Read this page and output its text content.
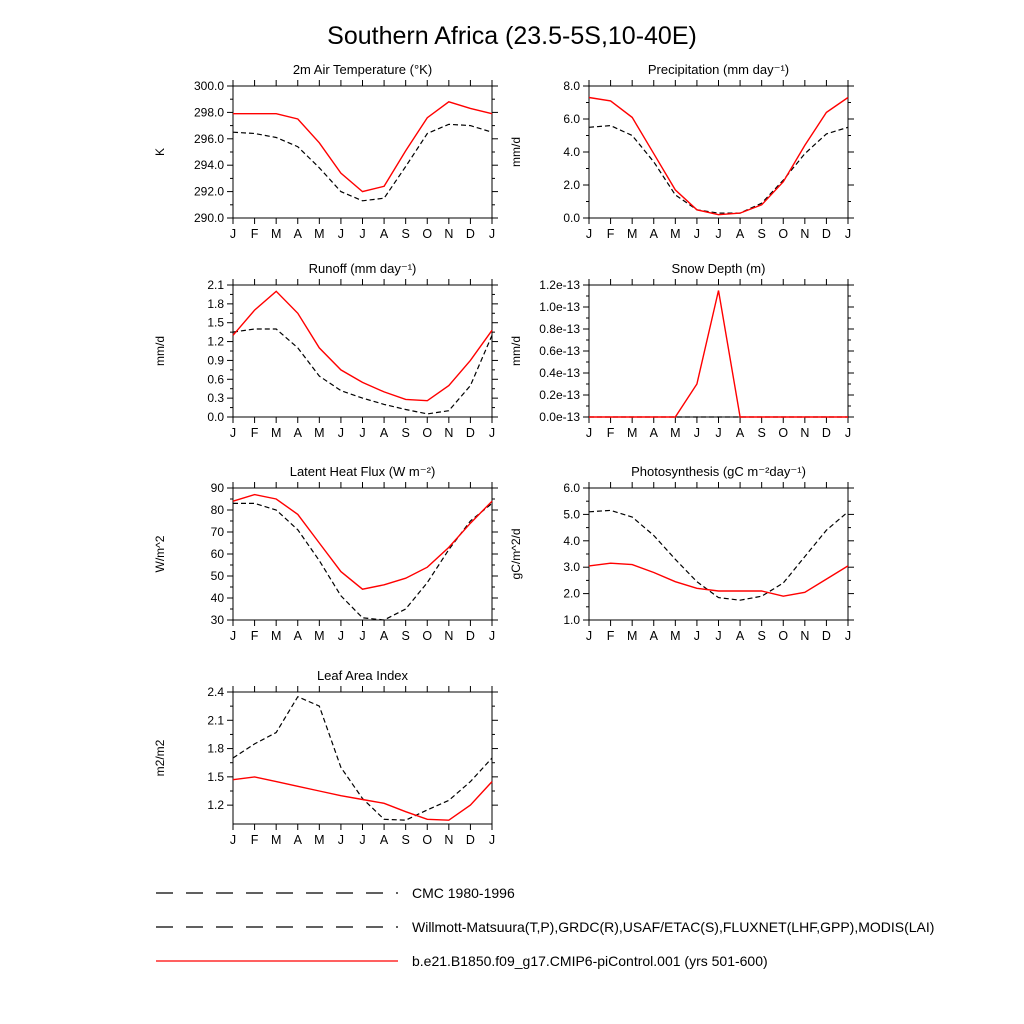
Southern Africa (23.5-5S,10-40E)
2m Air Temperature (°K)
K
290.0
292.0
294.0
296.0
298.0
300.0
J F M A M J J A S O N D J
Precipitation (mm day⁻¹)
mm/d
0.0
2.0
4.0
6.0
8.0
J F M A M J J A S O N D J
Runoff (mm day⁻¹)
mm/d
0.0
0.3
0.6
0.9
1.2
1.5
1.8
2.1
J F M A M J J A S O N D J
Snow Depth (m)
mm/d
0.0e-13
0.2e-13
0.4e-13
0.6e-13
0.8e-13
1.0e-13
1.2e-13
J F M A M J J A S O N D J
Latent Heat Flux (W m⁻²)
W/m^2
30
40
50
60
70
80
90
J F M A M J J A S O N D J
Photosynthesis (gC m⁻²day⁻¹)
gC/m^2/d
1.0
2.0
3.0
4.0
5.0
6.0
J F M A M J J A S O N D J
Leaf Area Index
m2/m2
1.2
1.5
1.8
2.1
2.4
J F M A M J J A S O N D J
CMC 1980-1996
Willmott-Matsuura(T,P),GRDC(R),USAF/ETAC(S),FLUXNET(LHF,GPP),MODIS(LAI)
b.e21.B1850.f09_g17.CMIP6-piControl.001 (yrs 501-600)
